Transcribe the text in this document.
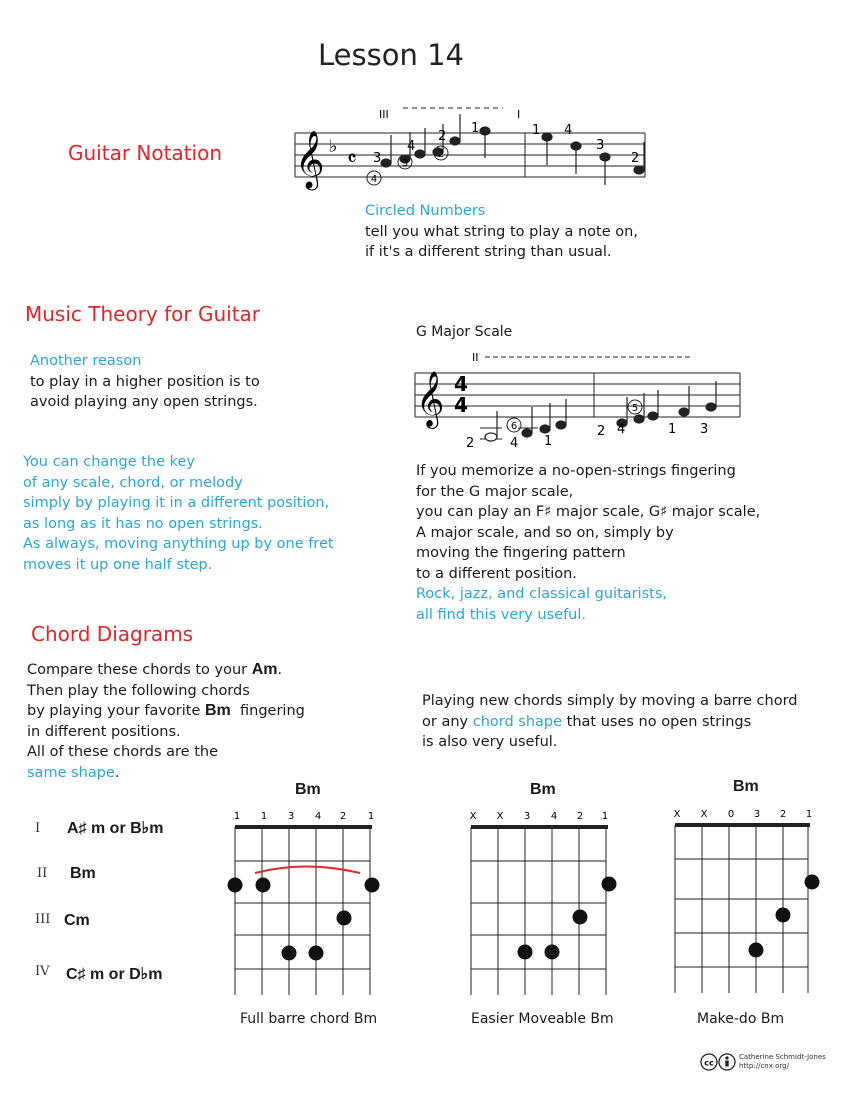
Lesson 14
Guitar Notation 𝄞 ♭
𝄴
III	I
3
4
2
1	1 4
3
2
4
3
2
Circled Numbers
tell you what string to play a note on,
if it's a different string than usual.
Music Theory for Guitar
Another reason
to play in a higher position is to
avoid playing any open strings.
You can change the key
of any scale, chord, or melody
simply by playing it in a different position,
as long as it has no open strings.
As always, moving anything up by one fret
moves it up one half step.
G Major Scale
𝄞 4
4
II
2	4 1
2 4	1 3
6
5
If you memorize a no-open-strings fingering
for the G major scale,
you can play an F♯ major scale, G♯ major scale,
A major scale, and so on, simply by
moving the fingering pattern
to a different position.
Rock, jazz, and classical guitarists,
all find this very useful.
Chord Diagrams
Compare these chords to your Am.
Then play the following chords
by playing your favorite Bm  fingering
in different positions.
All of these chords are the
same shape.
Playing new chords simply by moving a barre chord
or any chord shape that uses no open strings
is also very useful.
I A♯ m or B♭m
II Bm
III Cm
IV C♯ m or D♭m
Bm
1 1 3 4 2 1
Full barre chord Bm
Bm
X X 3 4 2 1
Easier Moveable Bm
Bm
X X 0 3 2 1
Make-do Bm
cc
Catherine Schmidt-Jones
http://cnx.org/
